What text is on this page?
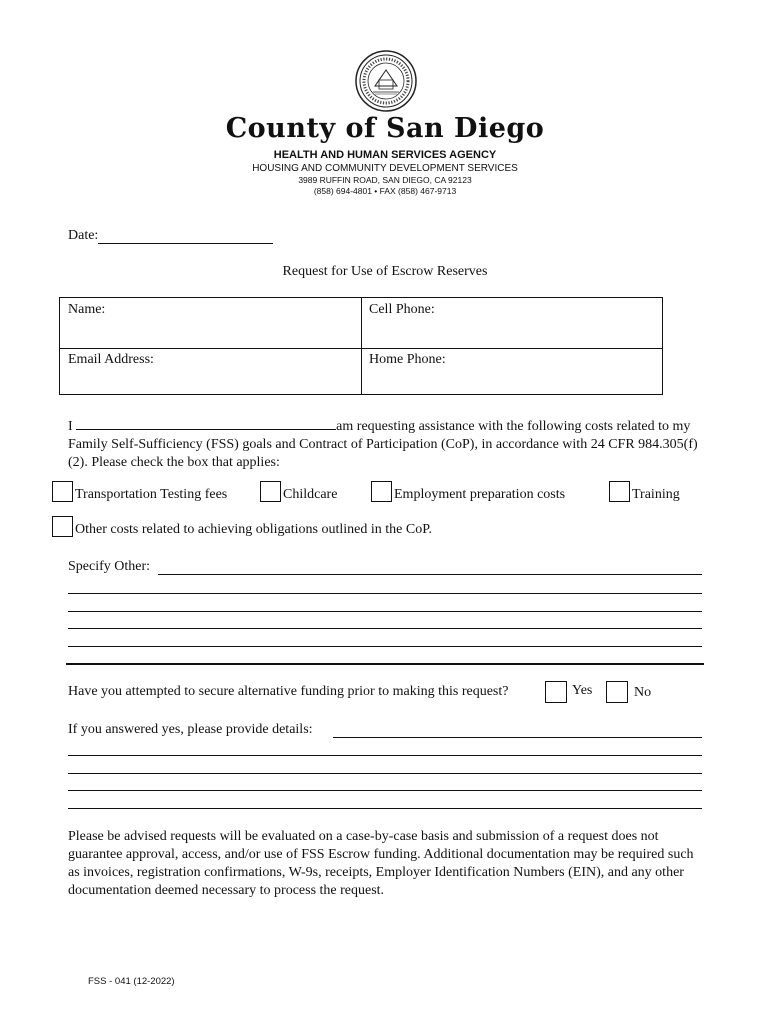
County of San Diego
HEALTH AND HUMAN SERVICES AGENCY
HOUSING AND COMMUNITY DEVELOPMENT SERVICES
3989 RUFFIN ROAD, SAN DIEGO, CA 92123
(858) 694-4801 • FAX (858) 467-9713
Date:
Request for Use of Escrow Reserves
Name:	Cell Phone:
Email Address:	Home Phone:
I	am requesting assistance with the following costs related to my Family Self-Sufficiency (FSS) goals and Contract of Participation (CoP), in accordance with 24 CFR 984.305(f)(2). Please check the box that applies:
Transportation Testing fees	Childcare	Employment preparation costs	Training
Other costs related to achieving obligations outlined in the CoP.
Specify Other:
Have you attempted to secure alternative funding prior to making this request?	Yes	No
If you answered yes, please provide details:
Please be advised requests will be evaluated on a case-by-case basis and submission of a request does not guarantee approval, access, and/or use of FSS Escrow funding. Additional documentation may be required such as invoices, registration confirmations, W-9s, receipts, Employer Identification Numbers (EIN), and any other documentation deemed necessary to process the request.
FSS - 041 (12-2022)
